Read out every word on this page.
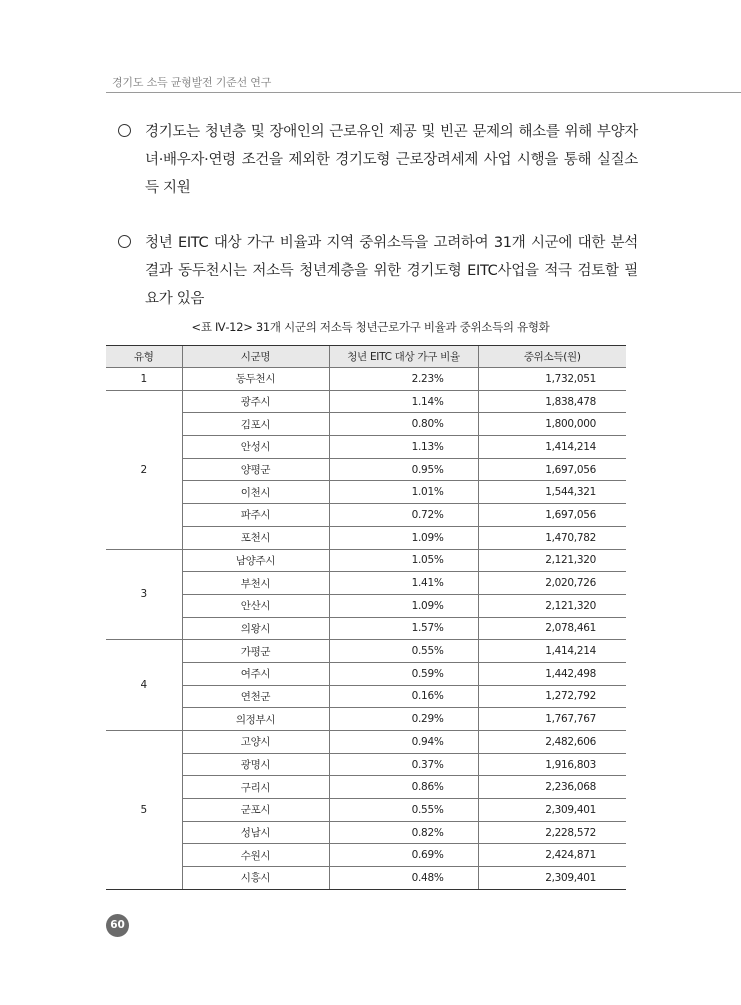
경기도 소득 균형발전 기준선 연구
경기도는 청년층 및 장애인의 근로유인 제공 및 빈곤 문제의 해소를 위해 부양자녀·배우자·연령 조건을 제외한 경기도형 근로장려세제 사업 시행을 통해 실질소득 지원
청년 EITC 대상 가구 비율과 지역 중위소득을 고려하여 31개 시군에 대한 분석결과 동두천시는 저소득 청년계층을 위한 경기도형 EITC사업을 적극 검토할 필요가 있음
<표 Ⅳ-12> 31개 시군의 저소득 청년근로가구 비율과 중위소득의 유형화
유형	시군명	청년 EITC 대상 가구 비율	중위소득(원)
1	동두천시	2.23%	1,732,051
2	광주시	1.14%	1,838,478
	김포시	0.80%	1,800,000
	안성시	1.13%	1,414,214
	양평군	0.95%	1,697,056
	이천시	1.01%	1,544,321
	파주시	0.72%	1,697,056
	포천시	1.09%	1,470,782
3	남양주시	1.05%	2,121,320
	부천시	1.41%	2,020,726
	안산시	1.09%	2,121,320
	의왕시	1.57%	2,078,461
4	가평군	0.55%	1,414,214
	여주시	0.59%	1,442,498
	연천군	0.16%	1,272,792
	의정부시	0.29%	1,767,767
5	고양시	0.94%	2,482,606
	광명시	0.37%	1,916,803
	구리시	0.86%	2,236,068
	군포시	0.55%	2,309,401
	성남시	0.82%	2,228,572
	수원시	0.69%	2,424,871
	시흥시	0.48%	2,309,401
60
